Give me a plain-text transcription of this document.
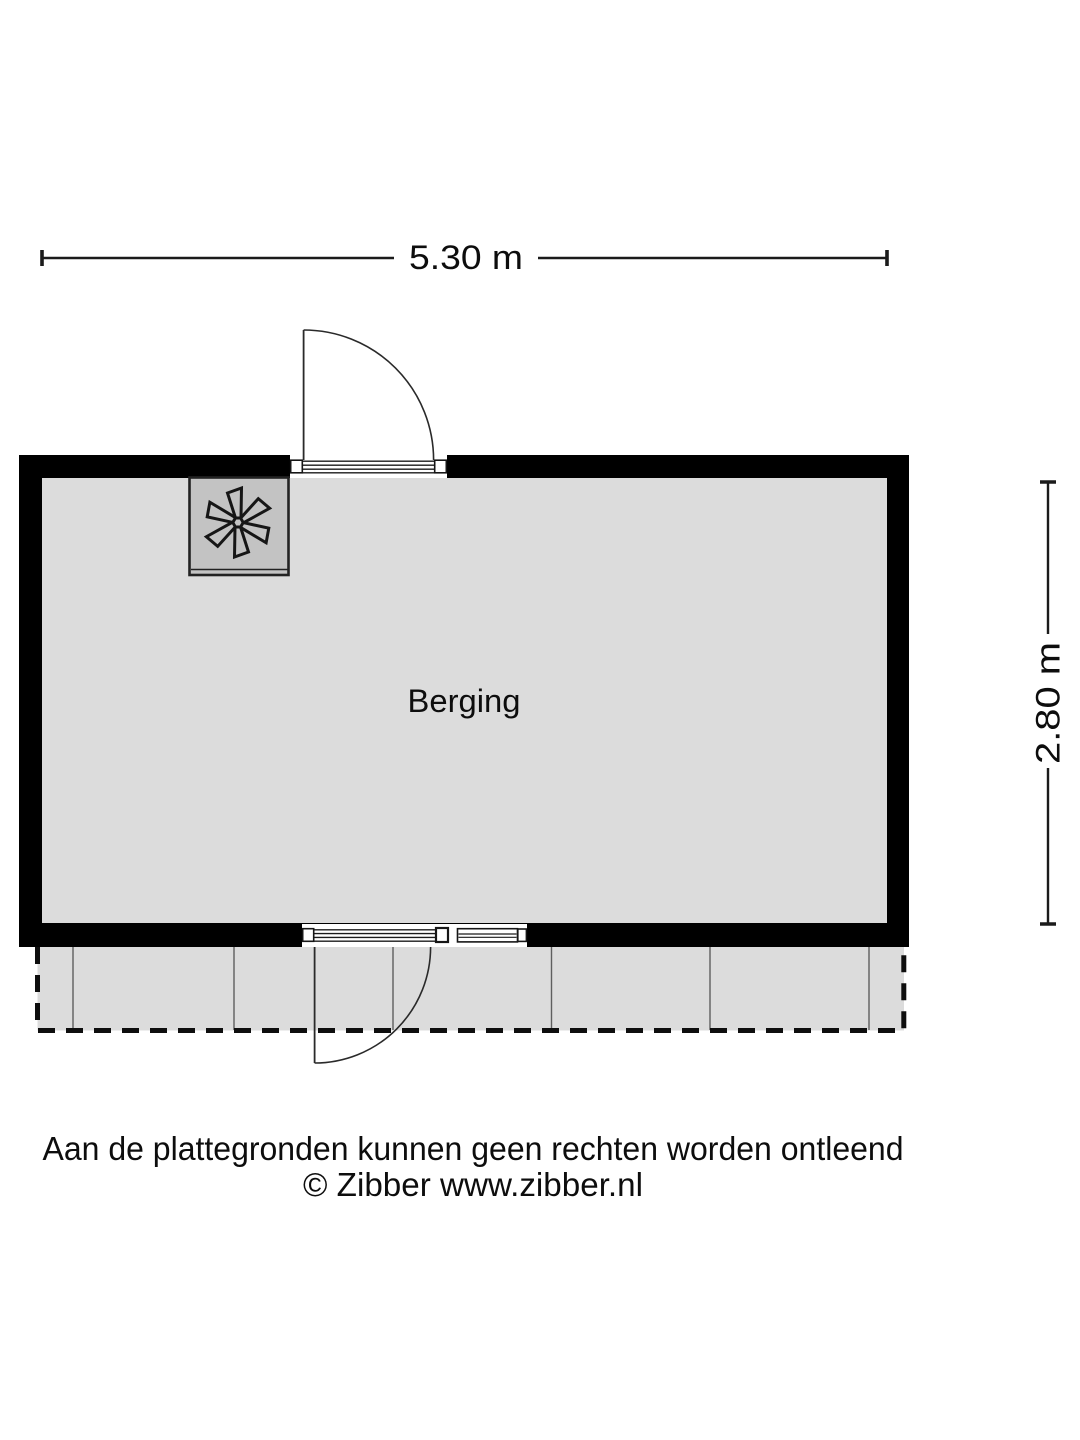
5.30 m
2.80 m
Berging
Aan de plattegronden kunnen geen rechten worden ontleend
© Zibber www.zibber.nl
